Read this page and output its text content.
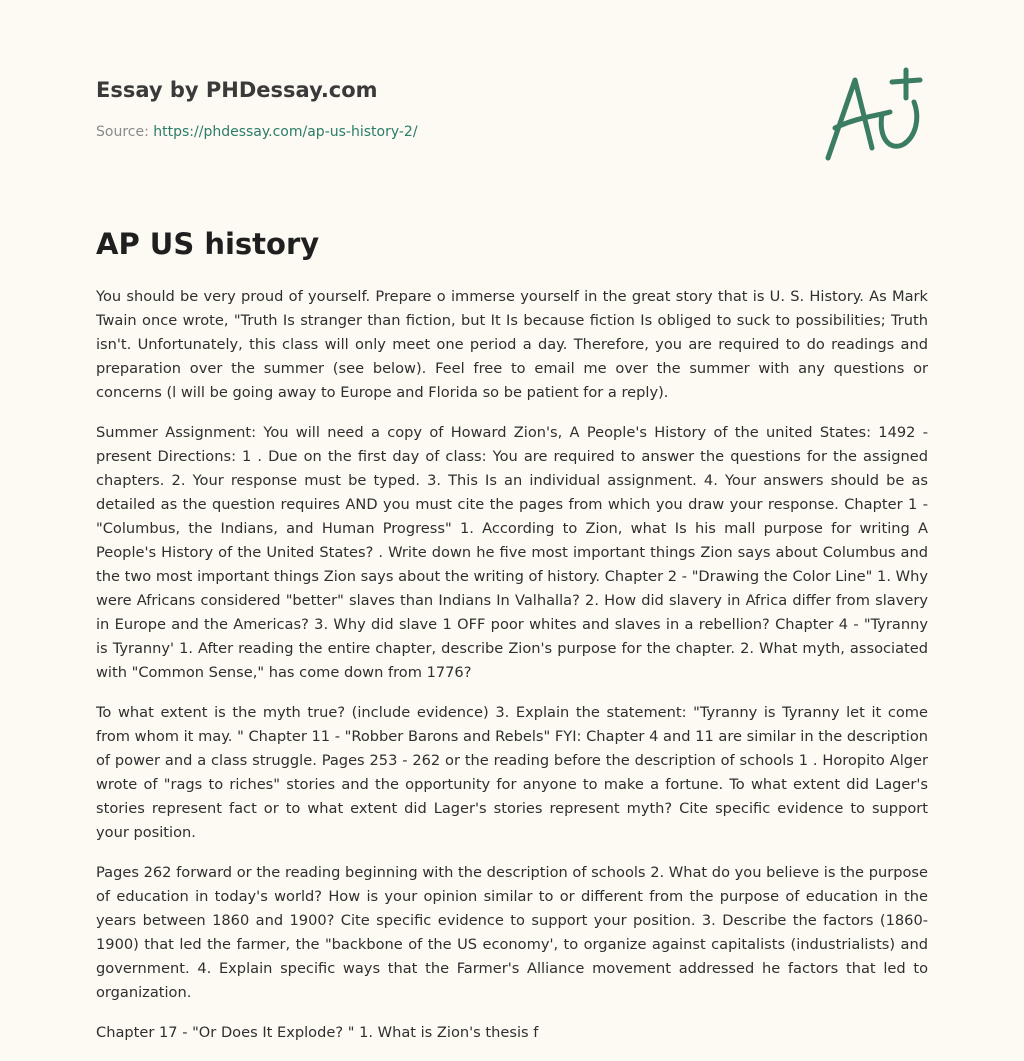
Essay by PHDessay.com
Source: https://phdessay.com/ap-us-history-2/
AP US history

You should be very proud of yourself. Prepare o immerse yourself in the great story that is U. S. History. As Mark Twain once wrote, "Truth Is stranger than fiction, but It Is because fiction Is obliged to suck to possibilities; Truth isn't. Unfortunately, this class will only meet one period a day. Therefore, you are required to do readings and preparation over the summer (see below). Feel free to email me over the summer with any questions or concerns (l will be going away to Europe and Florida so be patient for a reply).

Summer Assignment: You will need a copy of Howard Zion's, A People's History of the united States: 1492 - present Directions: 1 . Due on the first day of class: You are required to answer the questions for the assigned chapters. 2. Your response must be typed. 3. This Is an individual assignment. 4. Your answers should be as detailed as the question requires AND you must cite the pages from which you draw your response. Chapter 1 - "Columbus, the Indians, and Human Progress" 1. According to Zion, what Is his mall purpose for writing A People's History of the United States? . Write down he five most important things Zion says about Columbus and the two most important things Zion says about the writing of history. Chapter 2 - "Drawing the Color Line" 1. Why were Africans considered "better" slaves than Indians In Valhalla? 2. How did slavery in Africa differ from slavery in Europe and the Americas? 3. Why did slave 1 OFF poor whites and slaves in a rebellion? Chapter 4 - "Tyranny is Tyranny' 1. After reading the entire chapter, describe Zion's purpose for the chapter. 2. What myth, associated with "Common Sense," has come down from 1776?

To what extent is the myth true? (include evidence) 3. Explain the statement: "Tyranny is Tyranny let it come from whom it may. " Chapter 11 - "Robber Barons and Rebels" FYI: Chapter 4 and 11 are similar in the description of power and a class struggle. Pages 253 - 262 or the reading before the description of schools 1 . Horopito Alger wrote of "rags to riches" stories and the opportunity for anyone to make a fortune. To what extent did Lager's stories represent fact or to what extent did Lager's stories represent myth? Cite specific evidence to support your position.

Pages 262 forward or the reading beginning with the description of schools 2. What do you believe is the purpose of education in today's world? How is your opinion similar to or different from the purpose of education in the years between 1860 and 1900? Cite specific evidence to support your position. 3. Describe the factors (1860- 1900) that led the farmer, the "backbone of the US economy', to organize against capitalists (industrialists) and government. 4. Explain specific ways that the Farmer's Alliance movement addressed he factors that led to organization.

Chapter 17 - "Or Does It Explode? " 1. What is Zion's thesis f
